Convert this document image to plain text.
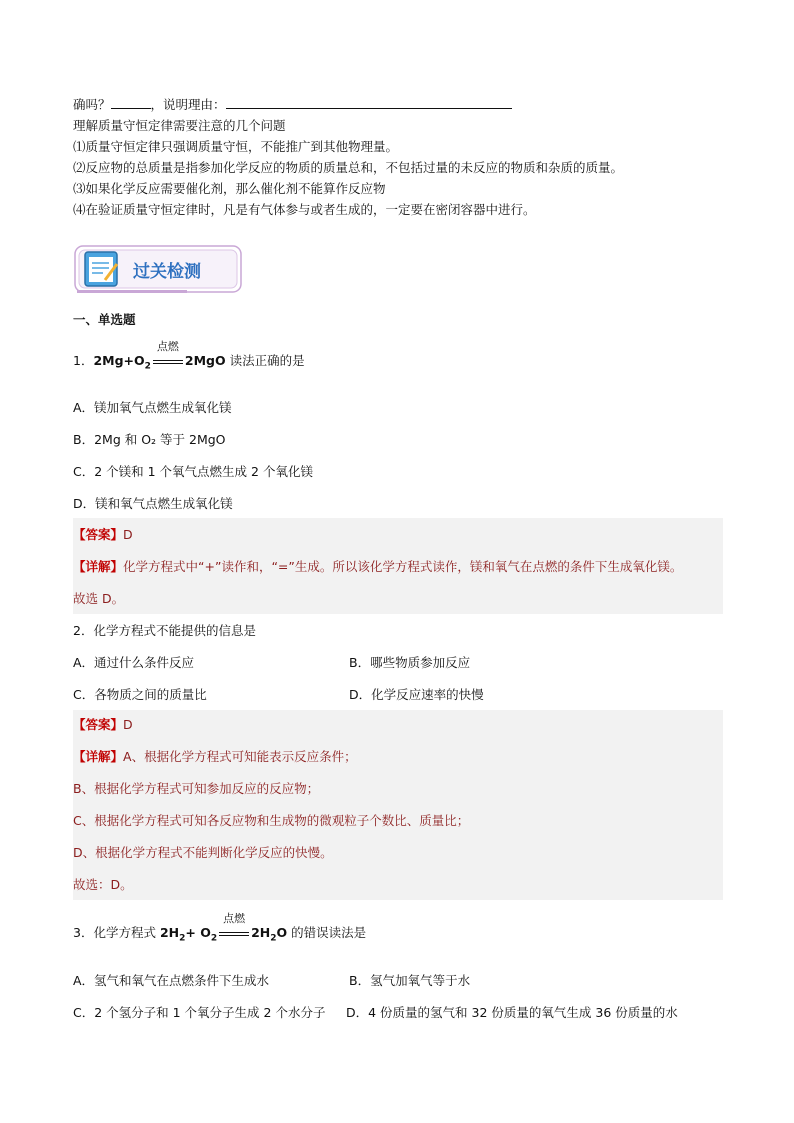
确吗？	，说明理由：
理解质量守恒定律需要注意的几个问题
⑴质量守恒定律只强调质量守恒，不能推广到其他物理量。
⑵反应物的总质量是指参加化学反应的物质的质量总和，不包括过量的未反应的物质和杂质的质量。
⑶如果化学反应需要催化剂，那么催化剂不能算作反应物
⑷在验证质量守恒定律时，凡是有气体参与或者生成的，一定要在密闭容器中进行。
过关检测
一、单选题
1．$2Mg+O_2$
点燃
2MgO 读法正确的是
A．镁加氧气点燃生成氧化镁
B．2Mg 和 O₂ 等于 2MgO
C．2 个镁和 1 个氧气点燃生成 2 个氧化镁
D．镁和氧气点燃生成氧化镁
【答案】D
【详解】化学方程式中“+”读作和，“=”生成。所以该化学方程式读作，镁和氧气在点燃的条件下生成氧化镁。
故选 D。
2．化学方程式不能提供的信息是
A．通过什么条件反应	B．哪些物质参加反应
C．各物质之间的质量比	D．化学反应速率的快慢
【答案】D
【详解】A、根据化学方程式可知能表示反应条件；
B、根据化学方程式可知参加反应的反应物；
C、根据化学方程式可知各反应物和生成物的微观粒子个数比、质量比；
D、根据化学方程式不能判断化学反应的快慢。
故选：D。
3．化学方程式 $2H_2+ O_2$
点燃
$2H_2O$ 的错误读法是
A．氢气和氧气在点燃条件下生成水	B．氢气加氧气等于水
C．2 个氢分子和 1 个氧分子生成 2 个水分子 D．4 份质量的氢气和 32 份质量的氧气生成 36 份质量的水
